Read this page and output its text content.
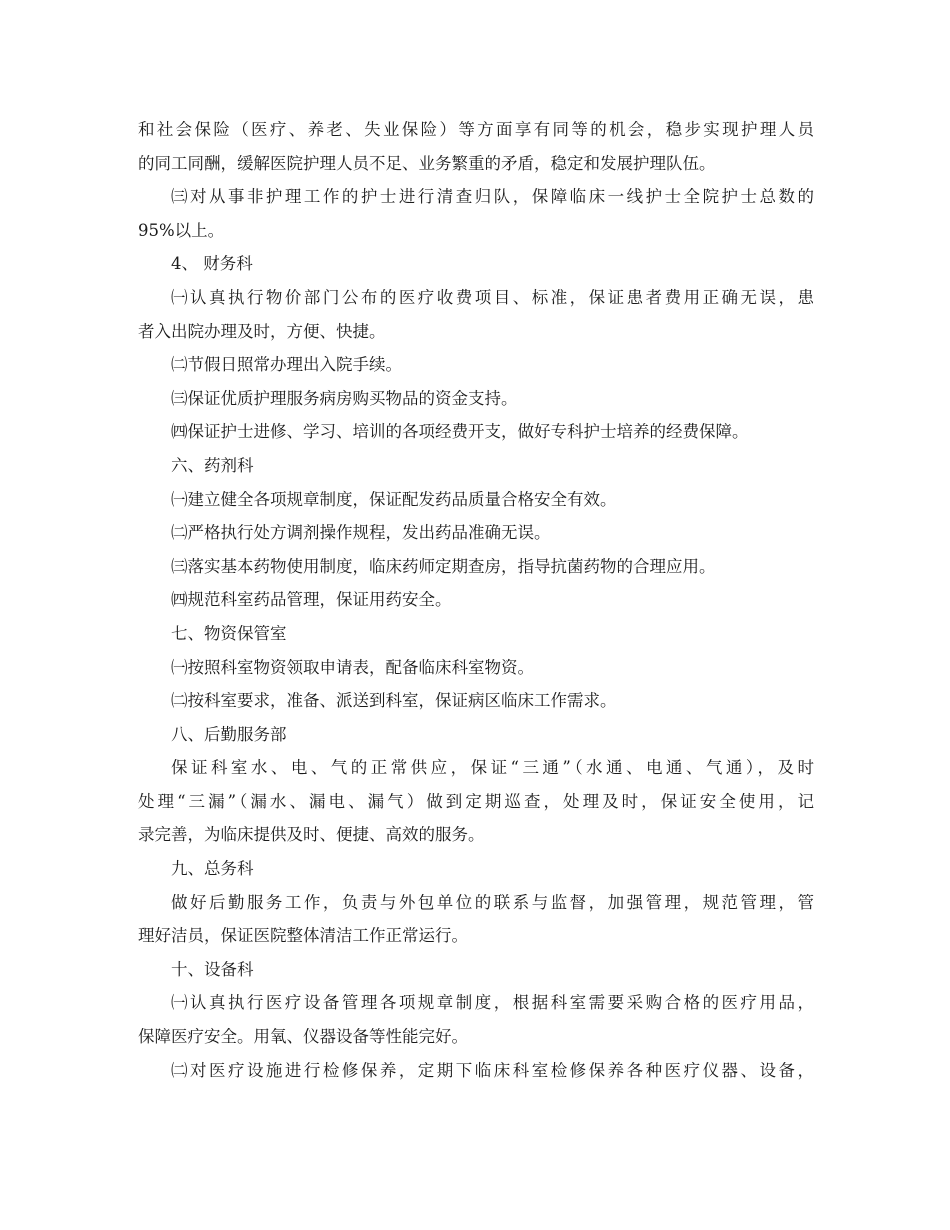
和社会保险（医疗、养老、失业保险）等方面享有同等的机会，稳步实现护理人员
的同工同酬，缓解医院护理人员不足、业务繁重的矛盾，稳定和发展护理队伍。
㈢对从事非护理工作的护士进行清查归队，保障临床一线护士全院护士总数的
95%以上。
4、 财务科
㈠认真执行物价部门公布的医疗收费项目、标准，保证患者费用正确无误，患
者入出院办理及时，方便、快捷。
㈡节假日照常办理出入院手续。
㈢保证优质护理服务病房购买物品的资金支持。
㈣保证护士进修、学习、培训的各项经费开支，做好专科护士培养的经费保障。
六、药剂科
㈠建立健全各项规章制度，保证配发药品质量合格安全有效。
㈡严格执行处方调剂操作规程，发出药品准确无误。
㈢落实基本药物使用制度，临床药师定期查房，指导抗菌药物的合理应用。
㈣规范科室药品管理，保证用药安全。
七、物资保管室
㈠按照科室物资领取申请表，配备临床科室物资。
㈡按科室要求，准备、派送到科室，保证病区临床工作需求。
八、后勤服务部
保证科室水、电、气的正常供应，保证“三通”（水通、电通、气通），及时
处理“三漏”（漏水、漏电、漏气）做到定期巡查，处理及时，保证安全使用，记
录完善，为临床提供及时、便捷、高效的服务。
九、总务科
做好后勤服务工作，负责与外包单位的联系与监督，加强管理，规范管理，管
理好洁员，保证医院整体清洁工作正常运行。
十、设备科
㈠认真执行医疗设备管理各项规章制度，根据科室需要采购合格的医疗用品，
保障医疗安全。用氧、仪器设备等性能完好。
㈡对医疗设施进行检修保养，定期下临床科室检修保养各种医疗仪器、设备，
